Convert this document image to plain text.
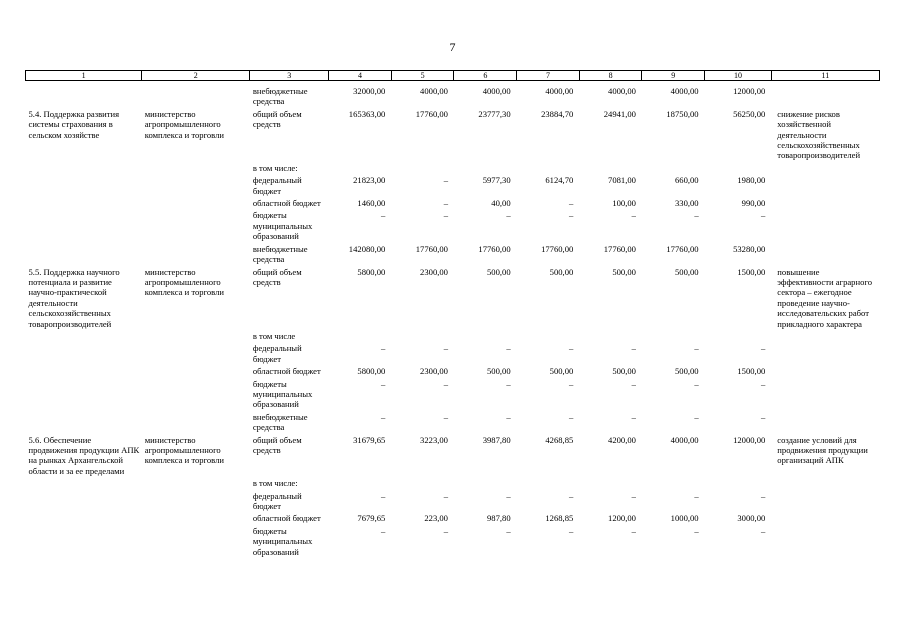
7
1	2	3	4	5	6	7	8	9	10	11
		внебюджетные средства	32000,00	4000,00	4000,00	4000,00	4000,00	4000,00	12000,00	
5.4. Поддержка развития системы страхования в сельском хозяйстве	министерство агропромышленного комплекса и торговли	общий объем средств	165363,00	17760,00	23777,30	23884,70	24941,00	18750,00	56250,00	снижение рисков хозяйственной деятельности сельскохозяйственных товаропроизводителей
		в том числе:								
		федеральный бюджет	21823,00	–	5977,30	6124,70	7081,00	660,00	1980,00	
		областной бюджет	1460,00	–	40,00	–	100,00	330,00	990,00	
		бюджеты муниципальных образований	–	–	–	–	–	–	–	
		внебюджетные средства	142080,00	17760,00	17760,00	17760,00	17760,00	17760,00	53280,00	
5.5. Поддержка научного потенциала и развитие научно-практической деятельности сельскохозяйственных товаропроизводителей	министерство агропромышленного комплекса и торговли	общий объем средств	5800,00	2300,00	500,00	500,00	500,00	500,00	1500,00	повышение эффективности аграрного сектора – ежегодное проведение научно-исследовательских работ прикладного характера
		в том числе								
		федеральный бюджет	–	–	–	–	–	–	–	
		областной бюджет	5800,00	2300,00	500,00	500,00	500,00	500,00	1500,00	
		бюджеты муниципальных образований	–	–	–	–	–	–	–	
		внебюджетные средства	–	–	–	–	–	–	–	
5.6. Обеспечение продвижения продукции АПК на рынках Архангельской области и за ее пределами	министерство агропромышленного комплекса и торговли	общий объем средств	31679,65	3223,00	3987,80	4268,85	4200,00	4000,00	12000,00	создание условий для продвижения продукции организаций АПК
		в том числе:								
		федеральный бюджет	–	–	–	–	–	–	–	
		областной бюджет	7679,65	223,00	987,80	1268,85	1200,00	1000,00	3000,00	
		бюджеты муниципальных образований	–	–	–	–	–	–	–	
